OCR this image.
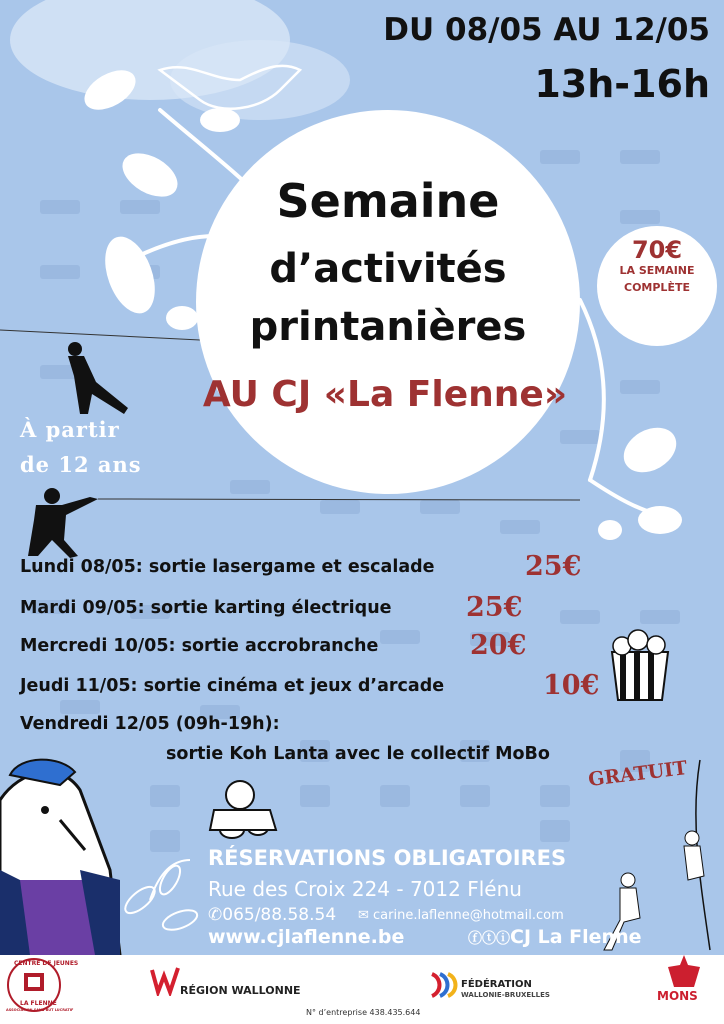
DU 08/05 AU 12/05
13h-16h
Semaine
d’activités
printanières
AU CJ «La Flenne»
70€
LA SEMAINE
COMPLÈTE
À partir
de 12 ans
Lundi 08/05: sortie lasergame et escalade	25€
Mardi 09/05: sortie karting électrique	25€
Mercredi 10/05: sortie accrobranche	20€
Jeudi 11/05: sortie cinéma et jeux d’arcade	10€
Vendredi 12/05 (09h-19h):
sortie Koh Lanta avec le collectif MoBo
GRATUIT
RÉSERVATIONS OBLIGATOIRES
Rue des Croix 224 - 7012 Flénu
✆065/88.58.54 ✉ carine.laflenne@hotmail.com
www.cjlaflenne.be	ⓕⓣⓘCJ La Flenne
CENTRE DE JEUNES
LA FLENNE
ASSOCIATION SANS BUT LUCRATIF
RÉGION WALLONNE	FÉDÉRATION
WALLONIE-BRUXELLES	MONS
N° d’entreprise 438.435.644
